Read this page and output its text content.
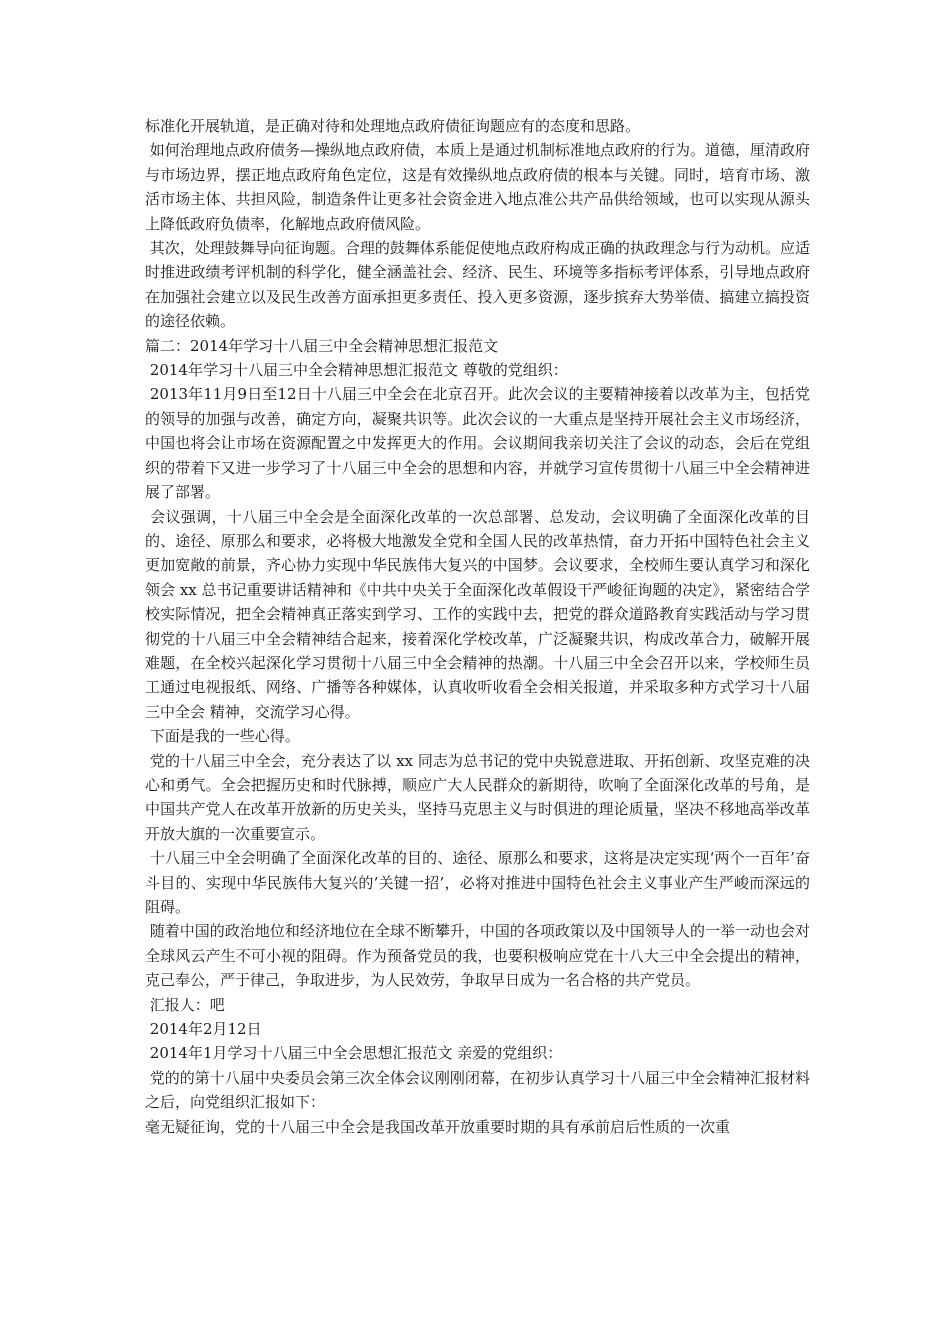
标准化开展轨道，是正确对待和处理地点政府债征询题应有的态度和思路。

如何治理地点政府债务—操纵地点政府债，本质上是通过机制标准地点政府的行为。道德，厘清政府与市场边界，摆正地点政府角色定位，这是有效操纵地点政府债的根本与关键。同时，培育市场、激活市场主体、共担风险，制造条件让更多社会资金进入地点准公共产品供给领域，也可以实现从源头上降低政府负债率，化解地点政府债风险。

其次，处理鼓舞导向征询题。合理的鼓舞体系能促使地点政府构成正确的执政理念与行为动机。应适时推进政绩考评机制的科学化，健全涵盖社会、经济、民生、环境等多指标考评体系，引导地点政府在加强社会建立以及民生改善方面承担更多责任、投入更多资源，逐步摈弃大势举债、搞建立搞投资的途径依赖。

篇二：2014年学习十八届三中全会精神思想汇报范文

2014年学习十八届三中全会精神思想汇报范文 尊敬的党组织：

2013年11月9日至12日十八届三中全会在北京召开。此次会议的主要精神接着以改革为主，包括党的领导的加强与改善，确定方向，凝聚共识等。此次会议的一大重点是坚持开展社会主义市场经济，中国也将会让市场在资源配置之中发挥更大的作用。会议期间我亲切关注了会议的动态，会后在党组织的带着下又进一步学习了十八届三中全会的思想和内容，并就学习宣传贯彻十八届三中全会精神进展了部署。

会议强调，十八届三中全会是全面深化改革的一次总部署、总发动，会议明确了全面深化改革的目的、途径、原那么和要求，必将极大地激发全党和全国人民的改革热情，奋力开拓中国特色社会主义更加宽敞的前景，齐心协力实现中华民族伟大复兴的中国梦。会议要求，全校师生要认真学习和深化领会 xx 总书记重要讲话精神和《中共中央关于全面深化改革假设干严峻征询题的决定》，紧密结合学校实际情况，把全会精神真正落实到学习、工作的实践中去，把党的群众道路教育实践活动与学习贯彻党的十八届三中全会精神结合起来，接着深化学校改革，广泛凝聚共识，构成改革合力，破解开展难题，在全校兴起深化学习贯彻十八届三中全会精神的热潮。十八届三中全会召开以来，学校师生员工通过电视报纸、网络、广播等各种媒体，认真收听收看全会相关报道，并采取多种方式学习十八届三中全会 精神，交流学习心得。

下面是我的一些心得。

党的十八届三中全会，充分表达了以 xx 同志为总书记的党中央锐意进取、开拓创新、攻坚克难的决心和勇气。全会把握历史和时代脉搏，顺应广大人民群众的新期待，吹响了全面深化改革的号角，是中国共产党人在改革开放新的历史关头，坚持马克思主义与时俱进的理论质量，坚决不移地高举改革开放大旗的一次重要宣示。

十八届三中全会明确了全面深化改革的目的、途径、原那么和要求，这将是决定实现‘两个一百年’奋斗目的、实现中华民族伟大复兴的’关键一招’，必将对推进中国特色社会主义事业产生严峻而深远的阻碍。

随着中国的政治地位和经济地位在全球不断攀升，中国的各项政策以及中国领导人的一举一动也会对全球风云产生不可小视的阻碍。作为预备党员的我，也要积极响应党在十八大三中全会提出的精神，克己奉公，严于律己，争取进步，为人民效劳，争取早日成为一名合格的共产党员。

汇报人：吧

2014年2月12日

2014年1月学习十八届三中全会思想汇报范文 亲爱的党组织：

党的的第十八届中央委员会第三次全体会议刚刚闭幕，在初步认真学习十八届三中全会精神汇报材料之后，向党组织汇报如下：

毫无疑征询，党的十八届三中全会是我国改革开放重要时期的具有承前启后性质的一次重
